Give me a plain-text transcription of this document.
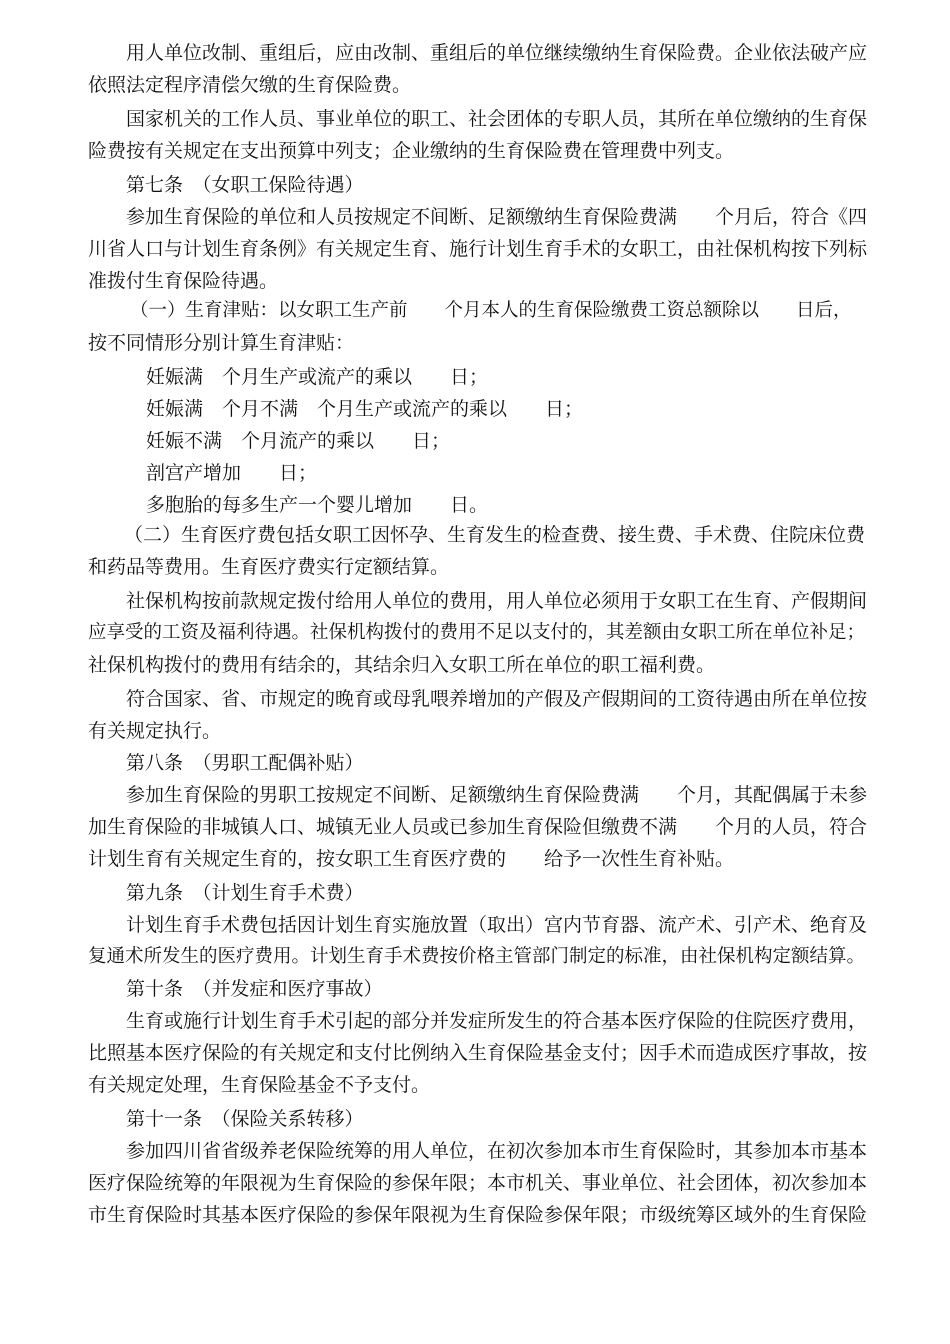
用人单位改制、重组后，应由改制、重组后的单位继续缴纳生育保险费。企业依法破产应
依照法定程序清偿欠缴的生育保险费。
国家机关的工作人员、事业单位的职工、社会团体的专职人员，其所在单位缴纳的生育保
险费按有关规定在支出预算中列支；企业缴纳的生育保险费在管理费中列支。
第七条　（女职工保险待遇）
参加生育保险的单位和人员按规定不间断、足额缴纳生育保险费满　　个月后，符合《四
川省人口与计划生育条例》有关规定生育、施行计划生育手术的女职工，由社保机构按下列标
准拨付生育保险待遇。
（一）生育津贴：以女职工生产前　　个月本人的生育保险缴费工资总额除以　　日后，
按不同情形分别计算生育津贴：
妊娠满　个月生产或流产的乘以　　日；
妊娠满　个月不满　个月生产或流产的乘以　　日；
妊娠不满　个月流产的乘以　　日；
剖宫产增加　　日；
多胞胎的每多生产一个婴儿增加　　日。
（二）生育医疗费包括女职工因怀孕、生育发生的检查费、接生费、手术费、住院床位费
和药品等费用。生育医疗费实行定额结算。
社保机构按前款规定拨付给用人单位的费用，用人单位必须用于女职工在生育、产假期间
应享受的工资及福利待遇。社保机构拨付的费用不足以支付的，其差额由女职工所在单位补足；
社保机构拨付的费用有结余的，其结余归入女职工所在单位的职工福利费。
符合国家、省、市规定的晚育或母乳喂养增加的产假及产假期间的工资待遇由所在单位按
有关规定执行。
第八条　（男职工配偶补贴）
参加生育保险的男职工按规定不间断、足额缴纳生育保险费满　　个月，其配偶属于未参
加生育保险的非城镇人口、城镇无业人员或已参加生育保险但缴费不满　　个月的人员，符合
计划生育有关规定生育的，按女职工生育医疗费的　　给予一次性生育补贴。
第九条　（计划生育手术费）
计划生育手术费包括因计划生育实施放置（取出）宫内节育器、流产术、引产术、绝育及
复通术所发生的医疗费用。计划生育手术费按价格主管部门制定的标准，由社保机构定额结算。
第十条　（并发症和医疗事故）
生育或施行计划生育手术引起的部分并发症所发生的符合基本医疗保险的住院医疗费用，
比照基本医疗保险的有关规定和支付比例纳入生育保险基金支付；因手术而造成医疗事故，按
有关规定处理，生育保险基金不予支付。
第十一条　（保险关系转移）
参加四川省省级养老保险统筹的用人单位，在初次参加本市生育保险时，其参加本市基本
医疗保险统筹的年限视为生育保险的参保年限；本市机关、事业单位、社会团体，初次参加本
市生育保险时其基本医疗保险的参保年限视为生育保险参保年限；市级统筹区域外的生育保险
